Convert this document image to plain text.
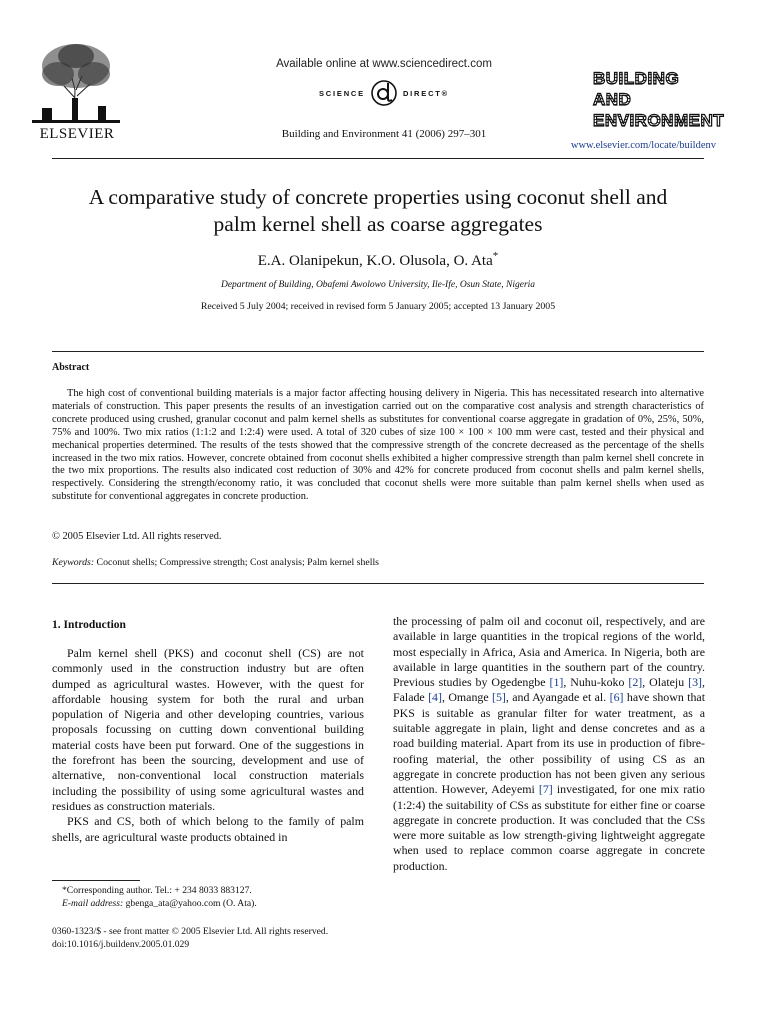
ELSEVIER
Available online at www.sciencedirect.com
SCIENCE	DIRECT®
Building and Environment 41 (2006) 297–301
BUILDING AND
ENVIRONMENT
www.elsevier.com/locate/buildenv
A comparative study of concrete properties using coconut shell and
palm kernel shell as coarse aggregates
E.A. Olanipekun, K.O. Olusola, O. Ata*
Department of Building, Obafemi Awolowo University, Ile-Ife, Osun State, Nigeria
Received 5 July 2004; received in revised form 5 January 2005; accepted 13 January 2005
Abstract

The high cost of conventional building materials is a major factor affecting housing delivery in Nigeria. This has necessitated research into alternative materials of construction. This paper presents the results of an investigation carried out on the comparative cost analysis and strength characteristics of concrete produced using crushed, granular coconut and palm kernel shells as substitutes for conventional coarse aggregate in gradation of 0%, 25%, 50%, 75% and 100%. Two mix ratios (1:1:2 and 1:2:4) were used. A total of 320 cubes of size 100 × 100 × 100 mm were cast, tested and their physical and mechanical properties determined. The results of the tests showed that the compressive strength of the concrete decreased as the percentage of the shells increased in the two mix ratios. However, concrete obtained from coconut shells exhibited a higher compressive strength than palm kernel shell concrete in the two mix proportions. The results also indicated cost reduction of 30% and 42% for concrete produced from coconut shells and palm kernel shells, respectively. Considering the strength/economy ratio, it was concluded that coconut shells were more suitable than palm kernel shells when used as substitute for conventional aggregates in concrete production.

© 2005 Elsevier Ltd. All rights reserved.
Keywords: Coconut shells; Compressive strength; Cost analysis; Palm kernel shells
1. Introduction

Palm kernel shell (PKS) and coconut shell (CS) are not commonly used in the construction industry but are often dumped as agricultural wastes. However, with the quest for affordable housing system for both the rural and urban population of Nigeria and other developing countries, various proposals focussing on cutting down conventional building material costs have been put forward. One of the suggestions in the forefront has been the sourcing, development and use of alternative, non-conventional local construction materials including the possibility of using some agricultural wastes and residues as construction materials.

PKS and CS, both of which belong to the family of palm shells, are agricultural waste products obtained in

the processing of palm oil and coconut oil, respectively, and are available in large quantities in the tropical regions of the world, most especially in Africa, Asia and America. In Nigeria, both are available in large quantities in the southern part of the country. Previous studies by Ogedengbe [1], Nuhu-koko [2], Olateju [3], Falade [4], Omange [5], and Ayangade et al. [6] have shown that PKS is suitable as granular filter for water treatment, as a suitable aggregate in plain, light and dense concretes and as a road building material. Apart from its use in production of fibre-roofing material, the other possibility of using CS as an aggregate in concrete production has not been given any serious attention. However, Adeyemi [7] investigated, for one mix ratio (1:2:4) the suitability of CSs as substitute for either fine or coarse aggregate in concrete production. It was concluded that the CSs were more suitable as low strength-giving lightweight aggregate when used to replace common coarse aggregate in concrete production.

*Corresponding author. Tel.: + 234 8033 883127.
E-mail address: gbenga_ata@yahoo.com (O. Ata).
0360-1323/$ - see front matter © 2005 Elsevier Ltd. All rights reserved.
doi:10.1016/j.buildenv.2005.01.029
